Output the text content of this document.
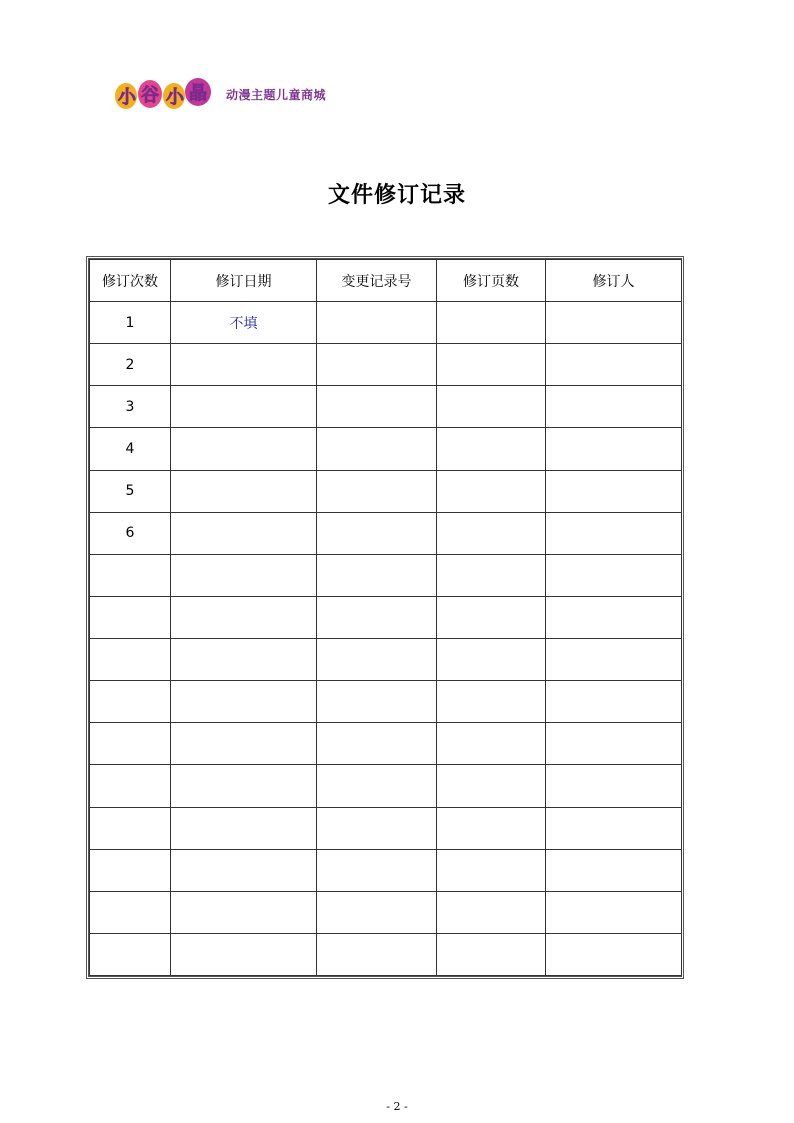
小 谷 小 晶 动漫主题儿童商城
文件修订记录
修订次数	修订日期	变更记录号	修订页数	修订人
1	不填			
2				
3				
4				
5				
6				

- 2 -
